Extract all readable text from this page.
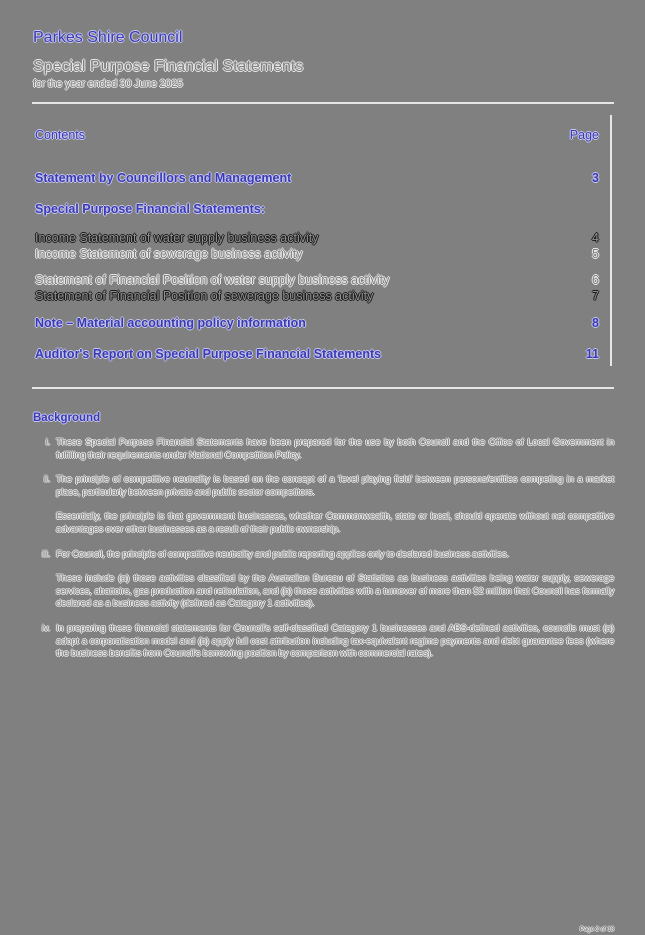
Parkes Shire Council
Special Purpose Financial Statements
for the year ended 30 June 2025
Contents	Page
Statement by Councillors and Management	3
Special Purpose Financial Statements:
Income Statement of water supply business activity	4
Income Statement of sewerage business activity	5
Statement of Financial Position of water supply business activity	6
Statement of Financial Position of sewerage business activity	7
Note – Material accounting policy information	8
Auditor's Report on Special Purpose Financial Statements	11
Background
i. These Special Purpose Financial Statements have been prepared for the use by both Council and the Office of Local Government in fulfilling their requirements under National Competition Policy.

ii. The principle of competitive neutrality is based on the concept of a 'level playing field' between persons/entities competing in a market place, particularly between private and public sector competitors.

Essentially, the principle is that government businesses, whether Commonwealth, state or local, should operate without net competitive advantages over other businesses as a result of their public ownership.

iii. For Council, the principle of competitive neutrality and public reporting applies only to declared business activities.

These include (a) those activities classified by the Australian Bureau of Statistics as business activities being water supply, sewerage services, abattoirs, gas production and reticulation, and (b) those activities with a turnover of more than $2 million that Council has formally declared as a business activity (defined as Category 1 activities).

iv. In preparing these financial statements for Council's self-classified Category 1 businesses and ABS-defined activities, councils must (a) adopt a corporatisation model and (b) apply full cost attribution including tax-equivalent regime payments and debt guarantee fees (where the business benefits from Council's borrowing position by comparison with commercial rates).

Page 2 of 18
